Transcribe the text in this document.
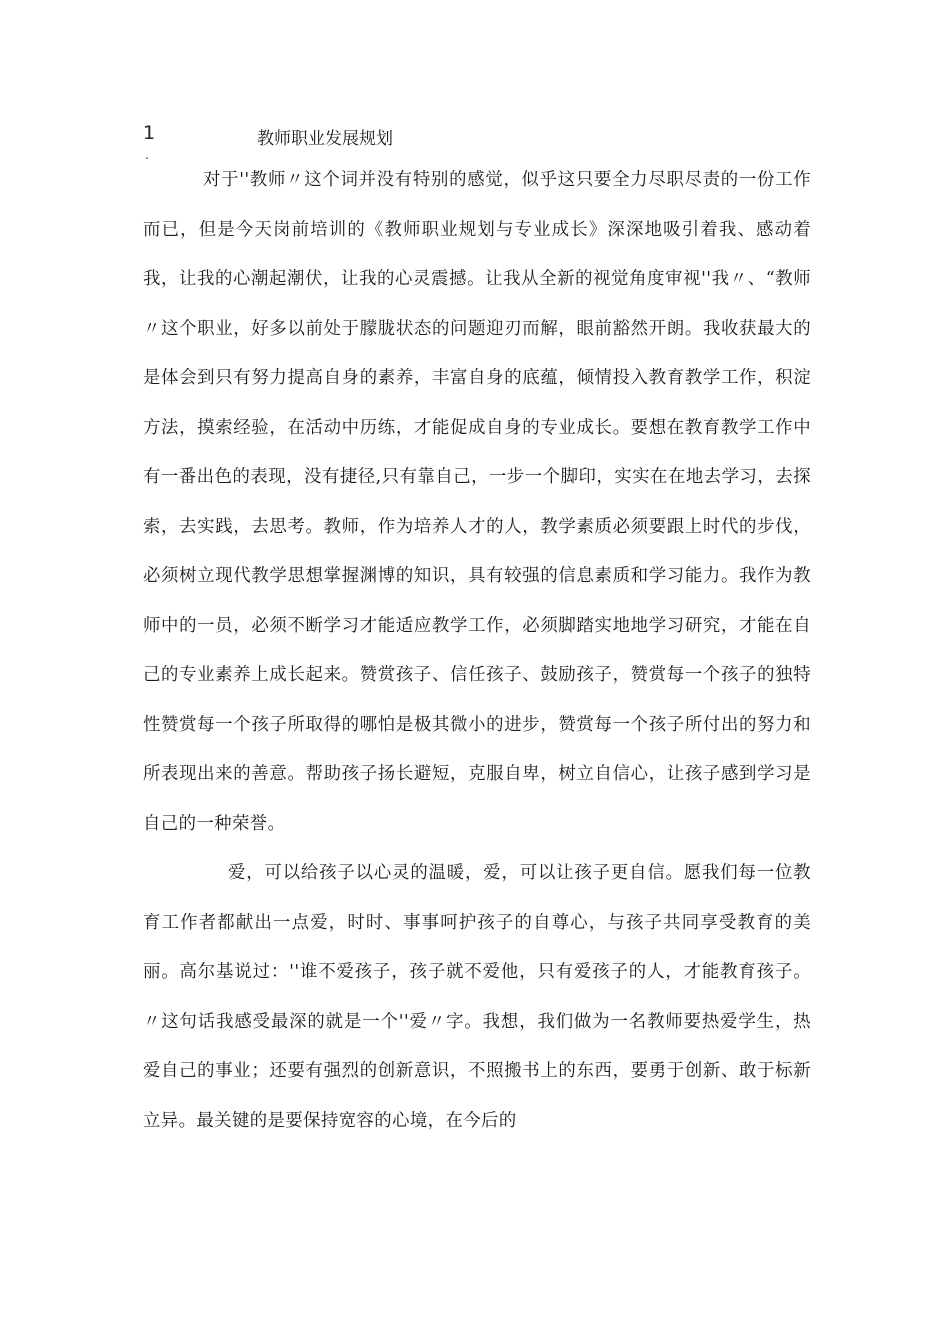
1
.
教师职业发展规划

对于''教师〃这个词并没有特别的感觉，似乎这只要全力尽职尽责的一份工作而已，但是今天岗前培训的《教师职业规划与专业成长》深深地吸引着我、感动着我，让我的心潮起潮伏，让我的心灵震撼。让我从全新的视觉角度审视''我〃、“教师〃这个职业，好多以前处于朦胧状态的问题迎刃而解，眼前豁然开朗。我收获最大的是体会到只有努力提高自身的素养，丰富自身的底蕴，倾情投入教育教学工作，积淀方法，摸索经验，在活动中历练，才能促成自身的专业成长。要想在教育教学工作中有一番出色的表现，没有捷径,只有靠自己，一步一个脚印，实实在在地去学习，去探索，去实践，去思考。教师，作为培养人才的人，教学素质必须要跟上时代的步伐，必须树立现代教学思想掌握渊博的知识，具有较强的信息素质和学习能力。我作为教师中的一员，必须不断学习才能适应教学工作，必须脚踏实地地学习研究，才能在自己的专业素养上成长起来。赞赏孩子、信任孩子、鼓励孩子，赞赏每一个孩子的独特性赞赏每一个孩子所取得的哪怕是极其微小的进步，赞赏每一个孩子所付出的努力和所表现出来的善意。帮助孩子扬长避短，克服自卑，树立自信心，让孩子感到学习是自己的一种荣誉。

爱，可以给孩子以心灵的温暖，爱，可以让孩子更自信。愿我们每一位教育工作者都献出一点爱，时时、事事呵护孩子的自尊心，与孩子共同享受教育的美丽。高尔基说过：''谁不爱孩子，孩子就不爱他，只有爱孩子的人，才能教育孩子。〃这句话我感受最深的就是一个''爱〃字。我想，我们做为一名教师要热爱学生，热爱自己的事业；还要有强烈的创新意识，不照搬书上的东西，要勇于创新、敢于标新立异。最关键的是要保持宽容的心境，在今后的
